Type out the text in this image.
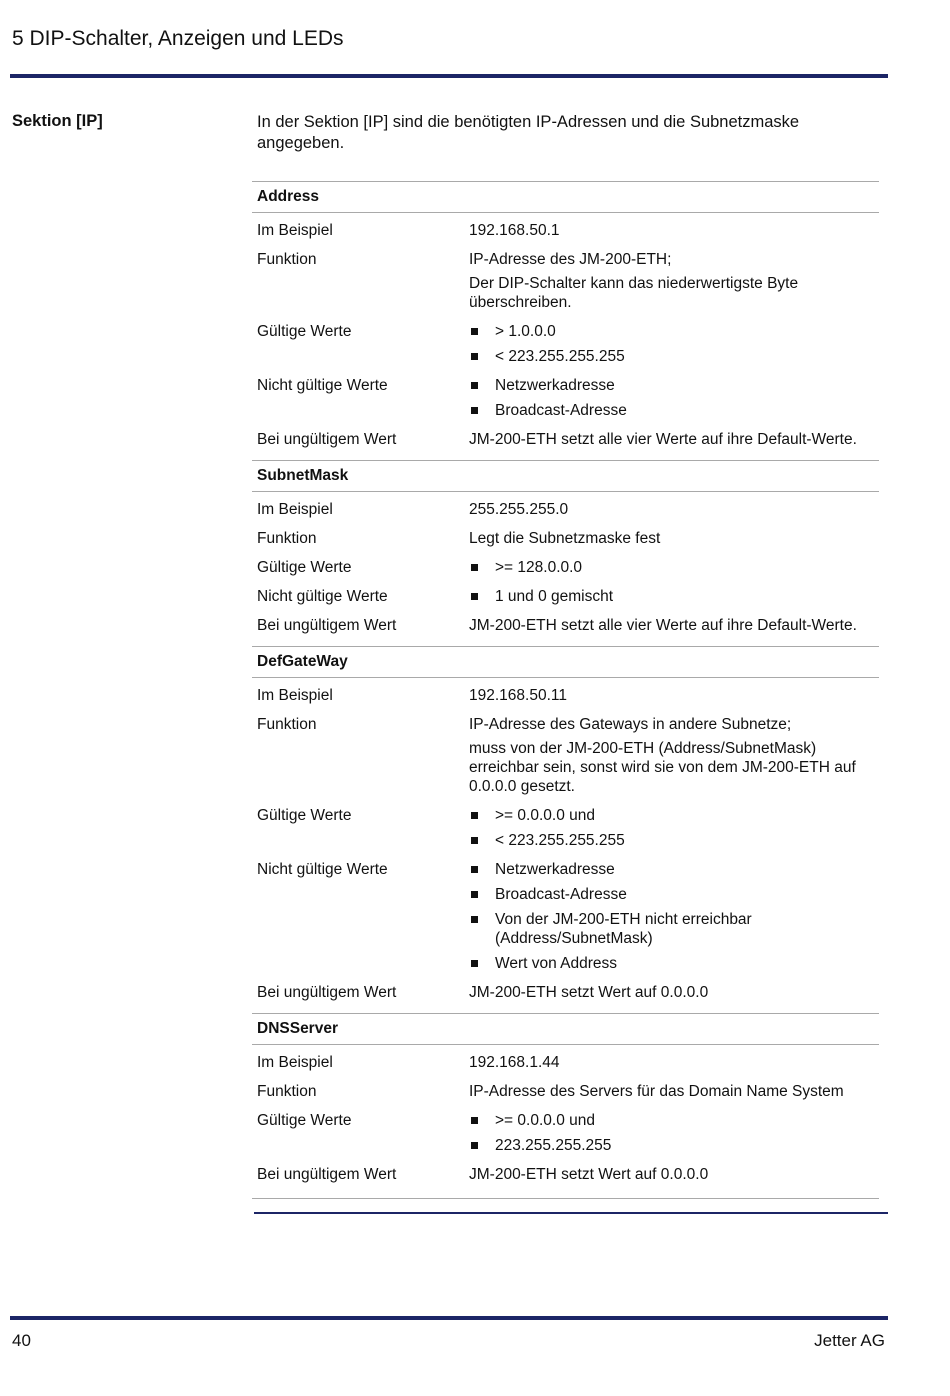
5 DIP-Schalter, Anzeigen und LEDs
Sektion [IP]	In der Sektion [IP] sind die benötigten IP-Adressen und die Subnetzmaske angegeben.
Address
Im Beispiel	192.168.50.1

Funktion	IP-Adresse des JM-200-ETH;

Der DIP-Schalter kann das niederwertigste Byte überschreiben.

Gültige Werte	> 1.0.0.0
< 223.255.255.255
Nicht gültige Werte	Netzwerkadresse
Broadcast-Adresse
Bei ungültigem Wert	JM-200-ETH setzt alle vier Werte auf ihre Default-Werte.

SubnetMask
Im Beispiel	255.255.255.0

Funktion	Legt die Subnetzmaske fest

Gültige Werte	>= 128.0.0.0
Nicht gültige Werte	1 und 0 gemischt
Bei ungültigem Wert	JM-200-ETH setzt alle vier Werte auf ihre Default-Werte.

DefGateWay
Im Beispiel	192.168.50.11

Funktion	IP-Adresse des Gateways in andere Subnetze;

muss von der JM-200-ETH (Address/SubnetMask) erreichbar sein, sonst wird sie von dem JM-200-ETH auf 0.0.0.0 gesetzt.

Gültige Werte	>= 0.0.0.0 und
< 223.255.255.255
Nicht gültige Werte	Netzwerkadresse
Broadcast-Adresse
Von der JM-200-ETH nicht erreichbar (Address/SubnetMask)
Wert von Address
Bei ungültigem Wert	JM-200-ETH setzt Wert auf 0.0.0.0

DNSServer
Im Beispiel	192.168.1.44

Funktion	IP-Adresse des Servers für das Domain Name System

Gültige Werte	>= 0.0.0.0 und
223.255.255.255
Bei ungültigem Wert	JM-200-ETH setzt Wert auf 0.0.0.0

40	Jetter AG
